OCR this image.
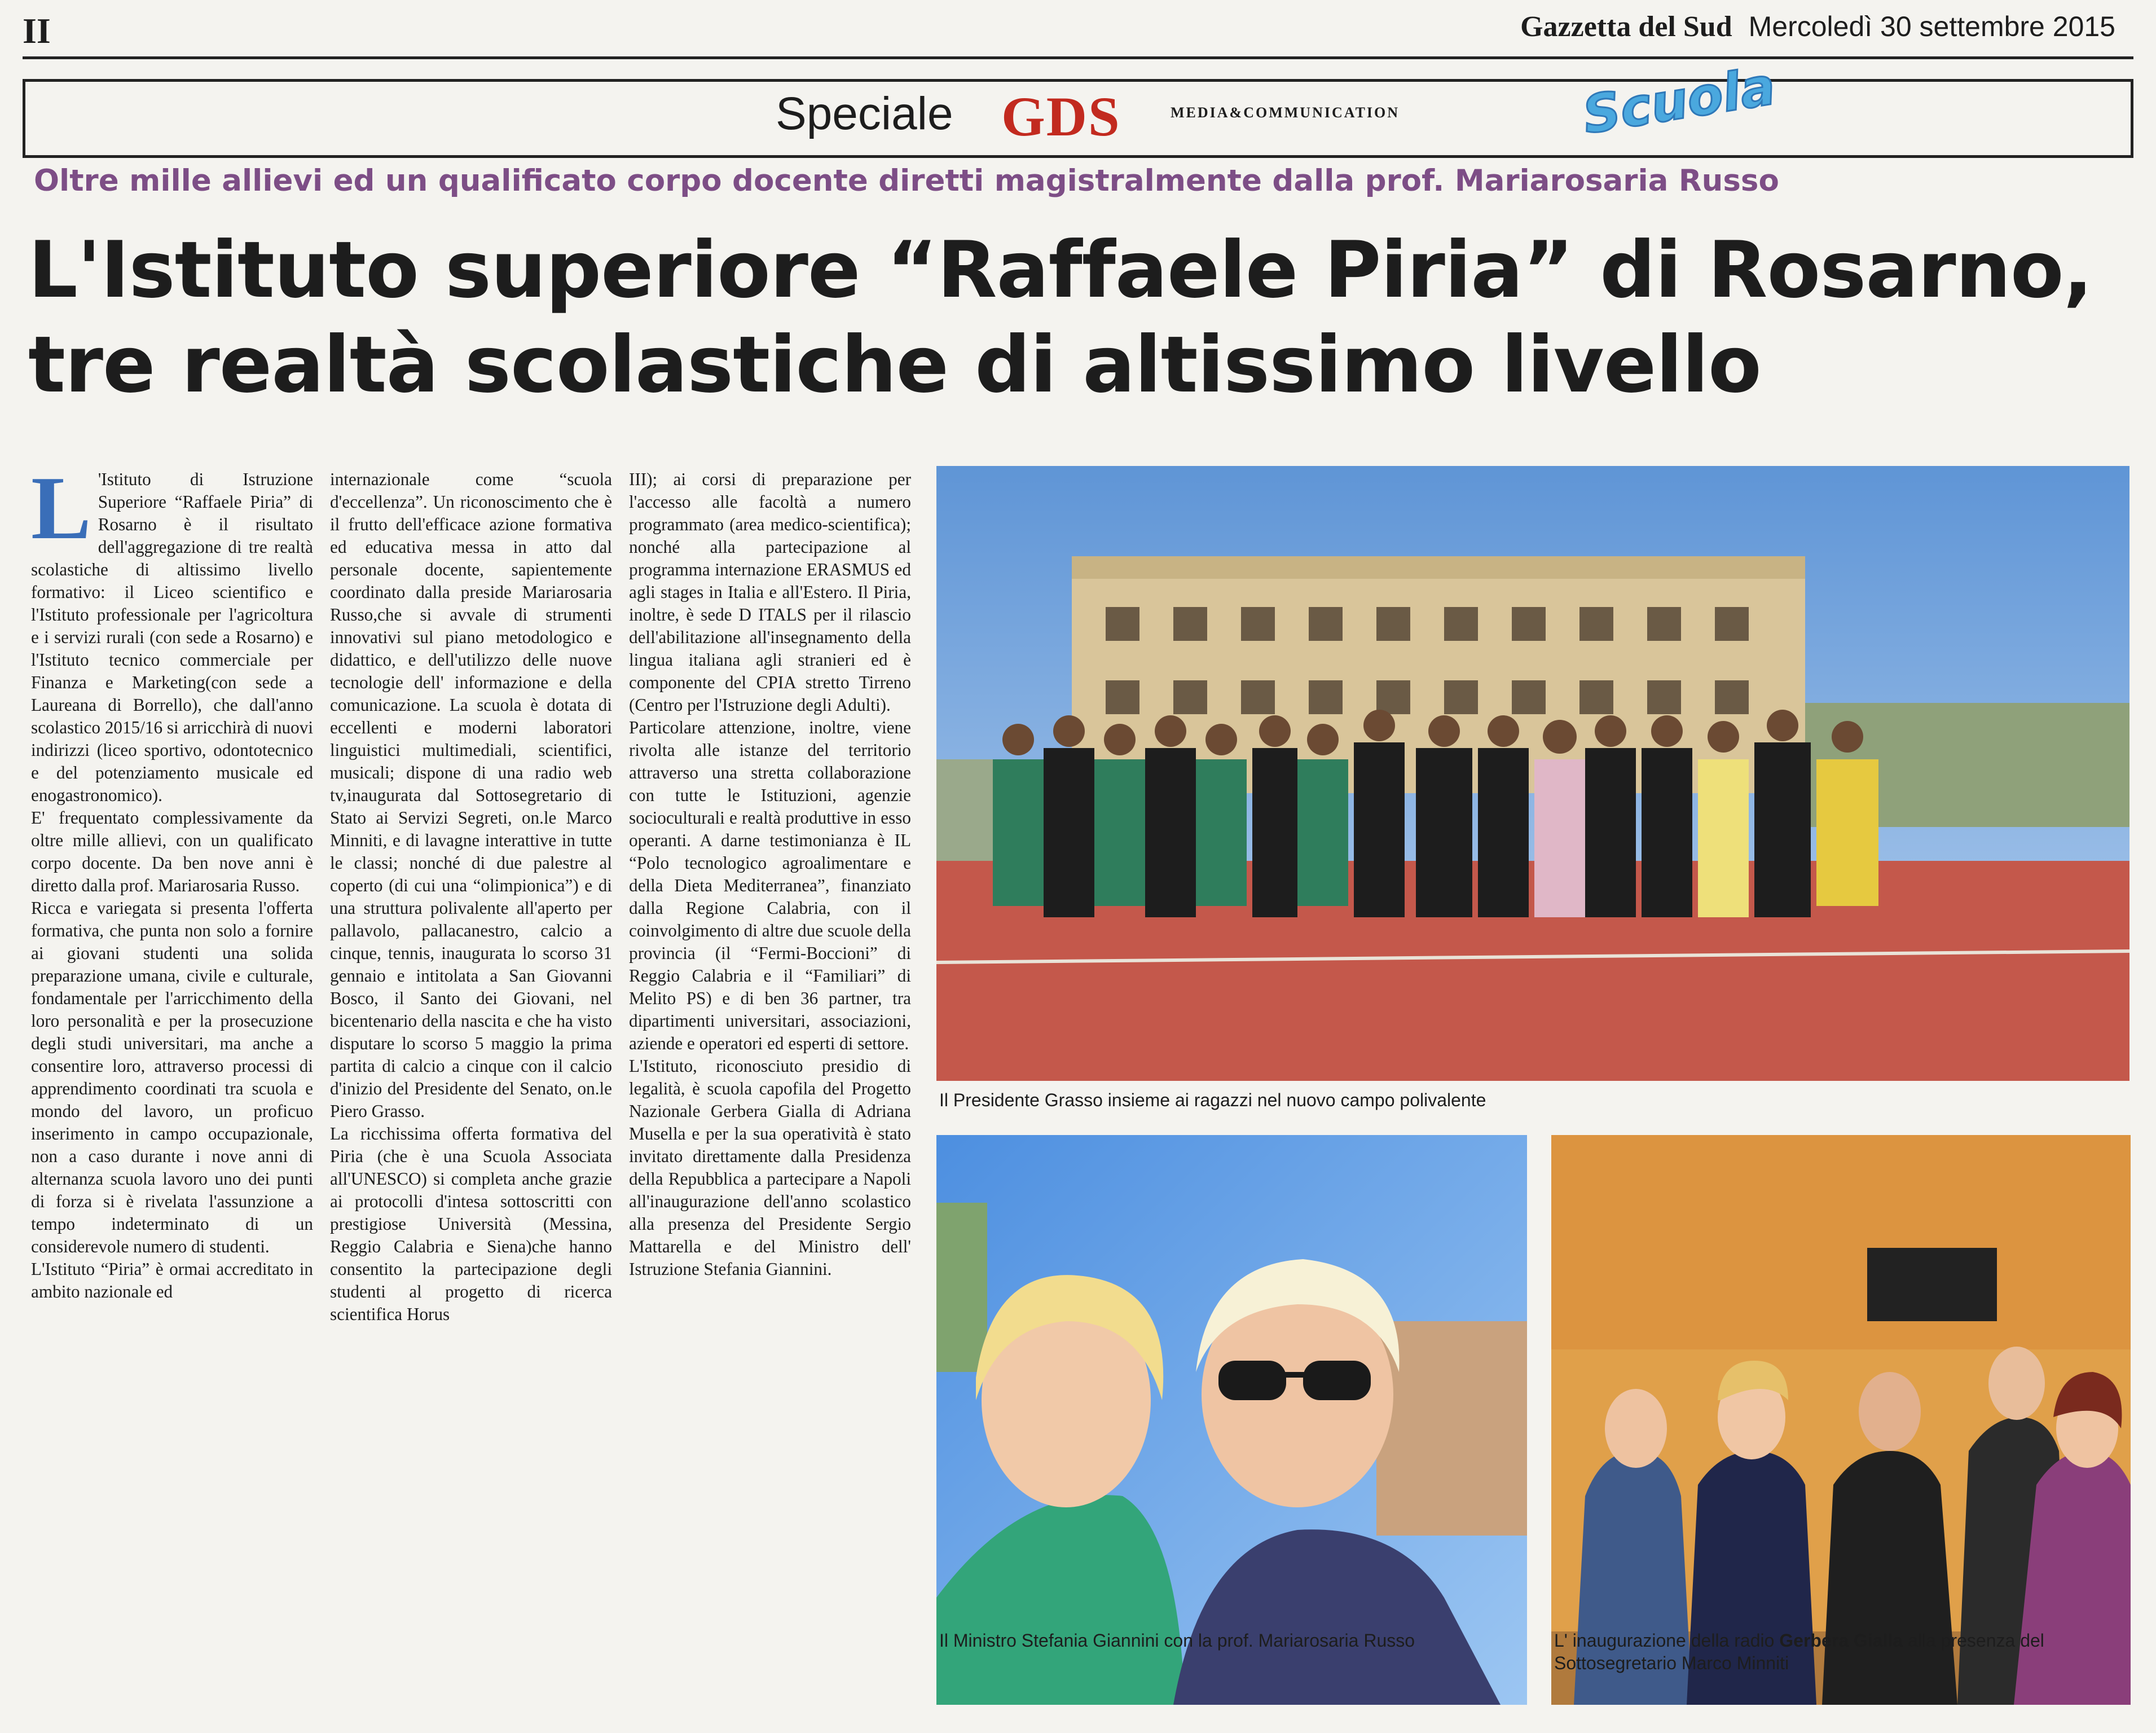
II	Gazzetta del Sud Mercoledì 30 settembre 2015
Speciale GDS	MEDIA&COMMUNICATION	Scuola
Oltre mille allievi ed un qualificato corpo docente diretti magistralmente dalla prof. Mariarosaria Russo
L'Istituto superiore “Raffaele Piria” di Rosarno,
tre realtà scolastiche di altissimo livello

L 'Istituto di Istruzione Superiore “Raffaele Piria” di Rosarno è il risultato dell'aggregazione di tre realtà scolastiche di altissimo livello formativo: il Liceo scientifico e l'Istituto professionale per l'agricoltura e i servizi rurali (con sede a Rosarno) e l'Istituto tecnico commerciale per Finanza e Marketing(con sede a Laureana di Borrello), che dall'anno scolastico 2015/16 si arricchirà di nuovi indirizzi (liceo sportivo, odontotecnico e del potenziamento musicale ed enogastronomico).

E' frequentato complessivamente da oltre mille allievi, con un qualificato corpo docente. Da ben nove anni è diretto dalla prof. Mariarosaria Russo.

Ricca e variegata si presenta l'offerta formativa, che punta non solo a fornire ai giovani studenti una solida preparazione umana, civile e culturale, fondamentale per l'arricchimento della loro personalità e per la prosecuzione degli studi universitari, ma anche a consentire loro, attraverso processi di apprendimento coordinati tra scuola e mondo del lavoro, un proficuo inserimento in campo occupazionale, non a caso durante i nove anni di alternanza scuola lavoro uno dei punti di forza si è rivelata l'assunzione a tempo indeterminato di un considerevole numero di studenti.

L'Istituto “Piria” è ormai accreditato in ambito nazionale ed

internazionale come “scuola d'eccellenza”. Un riconoscimento che è il frutto dell'efficace azione formativa ed educativa messa in atto dal personale docente, sapientemente coordinato dalla preside Mariarosaria Russo,che si avvale di strumenti innovativi sul piano metodologico e didattico, e dell'utilizzo delle nuove tecnologie dell' informazione e della comunicazione. La scuola è dotata di eccellenti e moderni laboratori linguistici multimediali, scientifici, musicali; dispone di una radio web tv,inaugurata dal Sottosegretario di Stato ai Servizi Segreti, on.le Marco Minniti, e di lavagne interattive in tutte le classi; nonché di due palestre al coperto (di cui una “olimpionica”) e di una struttura polivalente all'aperto per pallavolo, pallacanestro, calcio a cinque, tennis, inaugurata lo scorso 31 gennaio e intitolata a San Giovanni Bosco, il Santo dei Giovani, nel bicentenario della nascita e che ha visto disputare lo scorso 5 maggio la prima partita di calcio a cinque con il calcio d'inizio del Presidente del Senato, on.le Piero Grasso.

La ricchissima offerta formativa del Piria (che è una Scuola Associata all'UNESCO) si completa anche grazie ai protocolli d'intesa sottoscritti con prestigiose Università (Messina, Reggio Calabria e Siena)che hanno consentito la partecipazione degli studenti al progetto di ricerca scientifica Horus

III); ai corsi di preparazione per l'accesso alle facoltà a numero programmato (area medico-scientifica); nonché alla partecipazione al programma internazione ERASMUS ed agli stages in Italia e all'Estero. Il Piria, inoltre, è sede D ITALS per il rilascio dell'abilitazione all'insegnamento della lingua italiana agli stranieri ed è componente del CPIA stretto Tirreno (Centro per l'Istruzione degli Adulti).

Particolare attenzione, inoltre, viene rivolta alle istanze del territorio attraverso una stretta collaborazione con tutte le Istituzioni, agenzie socioculturali e realtà produttive in esso operanti. A darne testimonianza è IL “Polo tecnologico agroalimentare e della Dieta Mediterranea”, finanziato dalla Regione Calabria, con il coinvolgimento di altre due scuole della provincia (il “Fermi-Boccioni” di Reggio Calabria e il “Familiari” di Melito PS) e di ben 36 partner, tra dipartimenti universitari, associazioni, aziende e operatori ed esperti di settore.

L'Istituto, riconosciuto presidio di legalità, è scuola capofila del Progetto Nazionale Gerbera Gialla di Adriana Musella e per la sua operatività è stato invitato direttamente dalla Presidenza della Repubblica a partecipare a Napoli all'inaugurazione dell'anno scolastico alla presenza del Presidente Sergio Mattarella e del Ministro dell' Istruzione Stefania Giannini.

Il Presidente Grasso insieme ai ragazzi nel nuovo campo polivalente
Il Ministro Stefania Giannini con la prof. Mariarosaria Russo	L' inaugurazione della radio Gerbera Gialla alla presenza del Sottosegretario Marco Minniti
